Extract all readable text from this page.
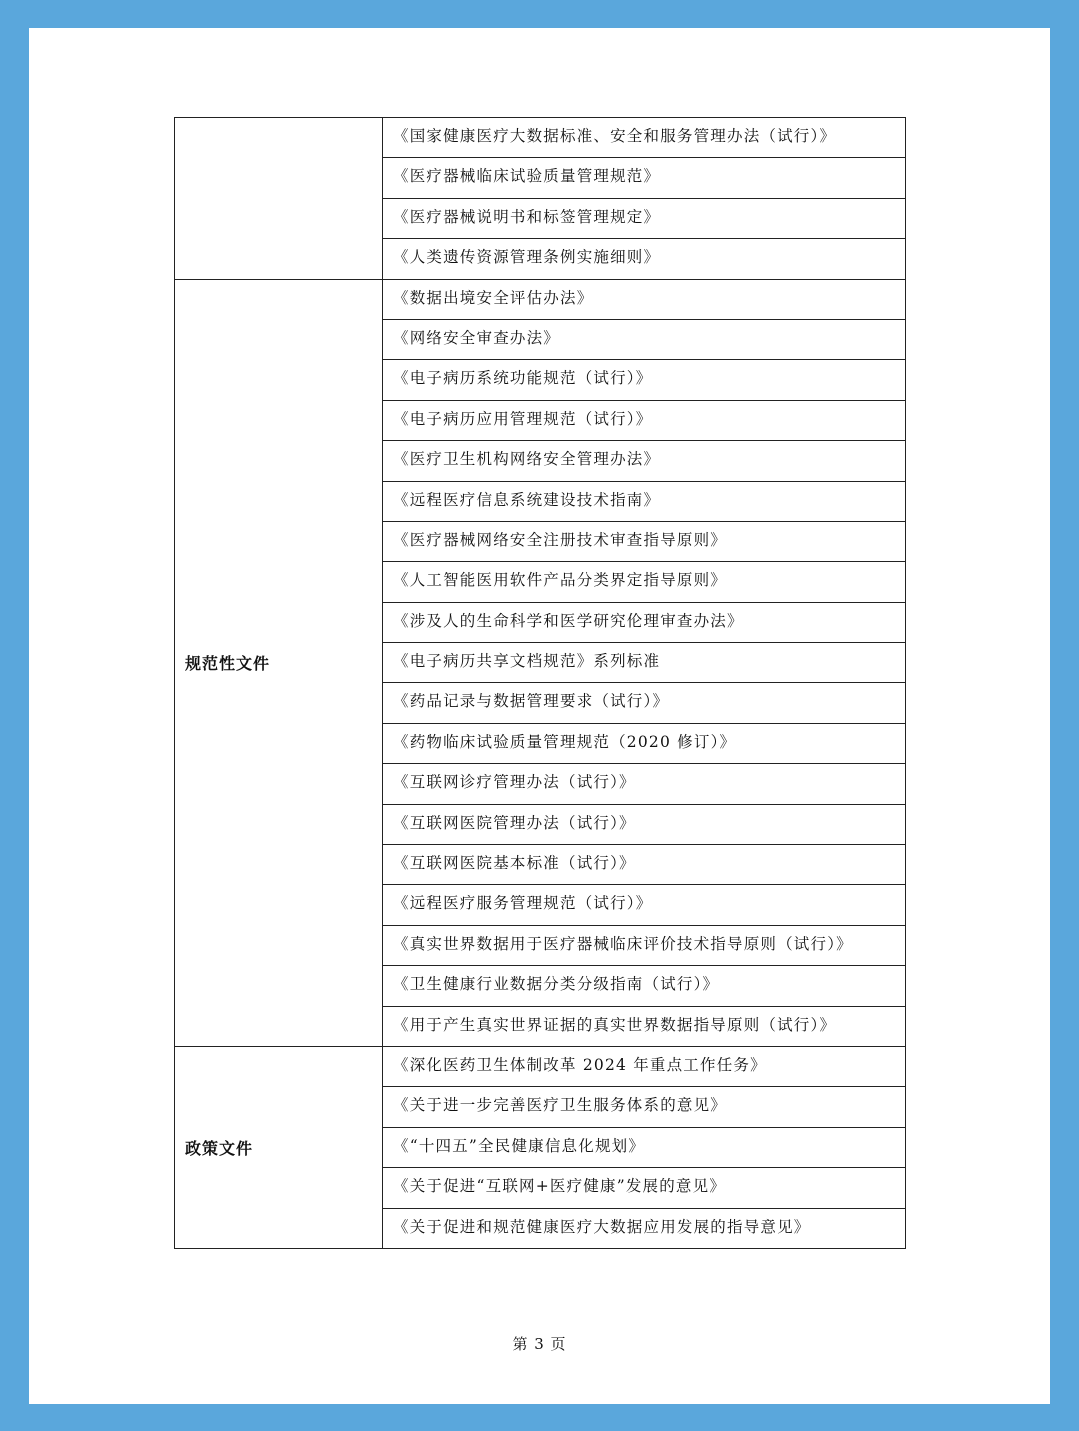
	《国家健康医疗大数据标准、安全和服务管理办法（试行）》
	《医疗器械临床试验质量管理规范》
	《医疗器械说明书和标签管理规定》
	《人类遗传资源管理条例实施细则》
规范性文件	《数据出境安全评估办法》
	《网络安全审查办法》
	《电子病历系统功能规范（试行）》
	《电子病历应用管理规范（试行）》
	《医疗卫生机构网络安全管理办法》
	《远程医疗信息系统建设技术指南》
	《医疗器械网络安全注册技术审查指导原则》
	《人工智能医用软件产品分类界定指导原则》
	《涉及人的生命科学和医学研究伦理审查办法》
	《电子病历共享文档规范》系列标准
	《药品记录与数据管理要求（试行）》
	《药物临床试验质量管理规范（2020 修订）》
	《互联网诊疗管理办法（试行）》
	《互联网医院管理办法（试行）》
	《互联网医院基本标准（试行）》
	《远程医疗服务管理规范（试行）》
	《真实世界数据用于医疗器械临床评价技术指导原则（试行）》
	《卫生健康行业数据分类分级指南（试行）》
	《用于产生真实世界证据的真实世界数据指导原则（试行）》
政策文件	《深化医药卫生体制改革 2024 年重点工作任务》
	《关于进一步完善医疗卫生服务体系的意见》
	《“十四五”全民健康信息化规划》
	《关于促进“互联网+医疗健康”发展的意见》
	《关于促进和规范健康医疗大数据应用发展的指导意见》
第 3 页
